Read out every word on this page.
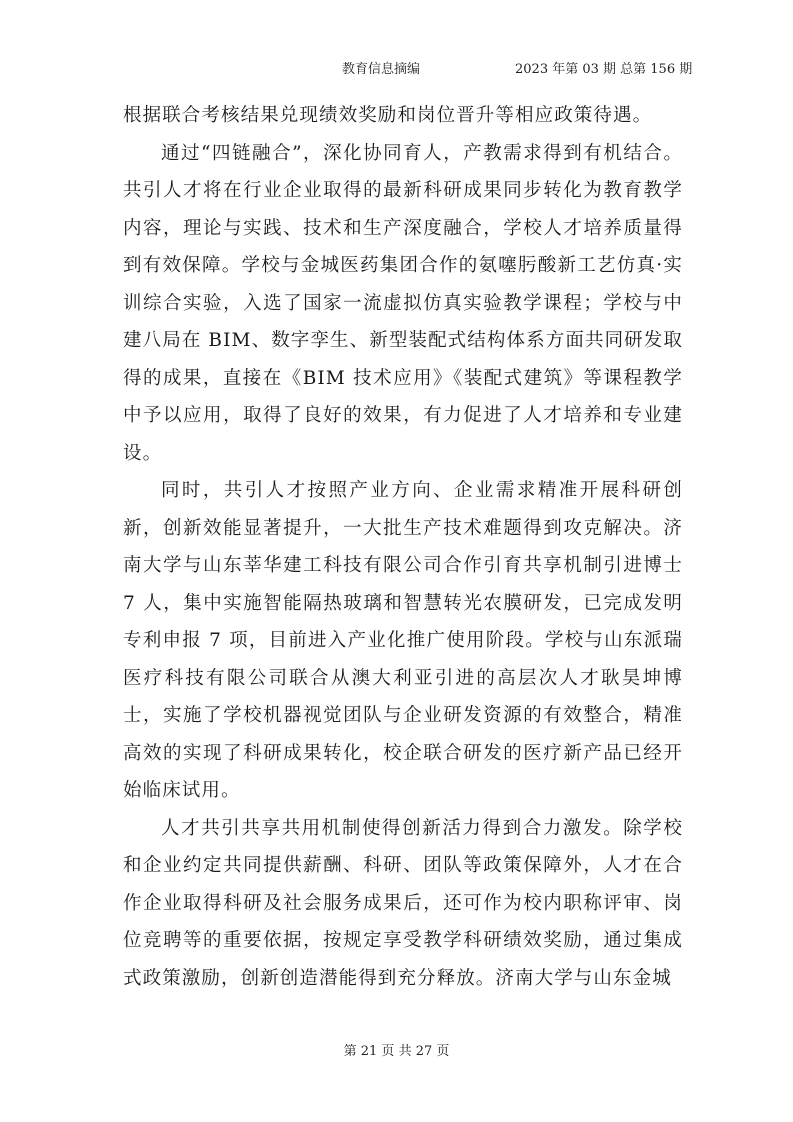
教育信息摘编	2023 年第 03 期 总第 156 期

根据联合考核结果兑现绩效奖励和岗位晋升等相应政策待遇。

通过“四链融合”，深化协同育人，产教需求得到有机结合。共引人才将在行业企业取得的最新科研成果同步转化为教育教学内容，理论与实践、技术和生产深度融合，学校人才培养质量得到有效保障。学校与金城医药集团合作的氨噻肟酸新工艺仿真·实训综合实验，入选了国家一流虚拟仿真实验教学课程；学校与中建八局在 BIM、数字孪生、新型装配式结构体系方面共同研发取得的成果，直接在《BIM 技术应用》《装配式建筑》等课程教学中予以应用，取得了良好的效果，有力促进了人才培养和专业建设。

同时，共引人才按照产业方向、企业需求精准开展科研创新，创新效能显著提升，一大批生产技术难题得到攻克解决。济南大学与山东莘华建工科技有限公司合作引育共享机制引进博士 7 人，集中实施智能隔热玻璃和智慧转光农膜研发，已完成发明专利申报 7 项，目前进入产业化推广使用阶段。学校与山东派瑞医疗科技有限公司联合从澳大利亚引进的高层次人才耿昊坤博士，实施了学校机器视觉团队与企业研发资源的有效整合，精准高效的实现了科研成果转化，校企联合研发的医疗新产品已经开始临床试用。

人才共引共享共用机制使得创新活力得到合力激发。除学校和企业约定共同提供薪酬、科研、团队等政策保障外，人才在合作企业取得科研及社会服务成果后，还可作为校内职称评审、岗位竞聘等的重要依据，按规定享受教学科研绩效奖励，通过集成式政策激励，创新创造潜能得到充分释放。济南大学与山东金城

第 21 页 共 27 页
